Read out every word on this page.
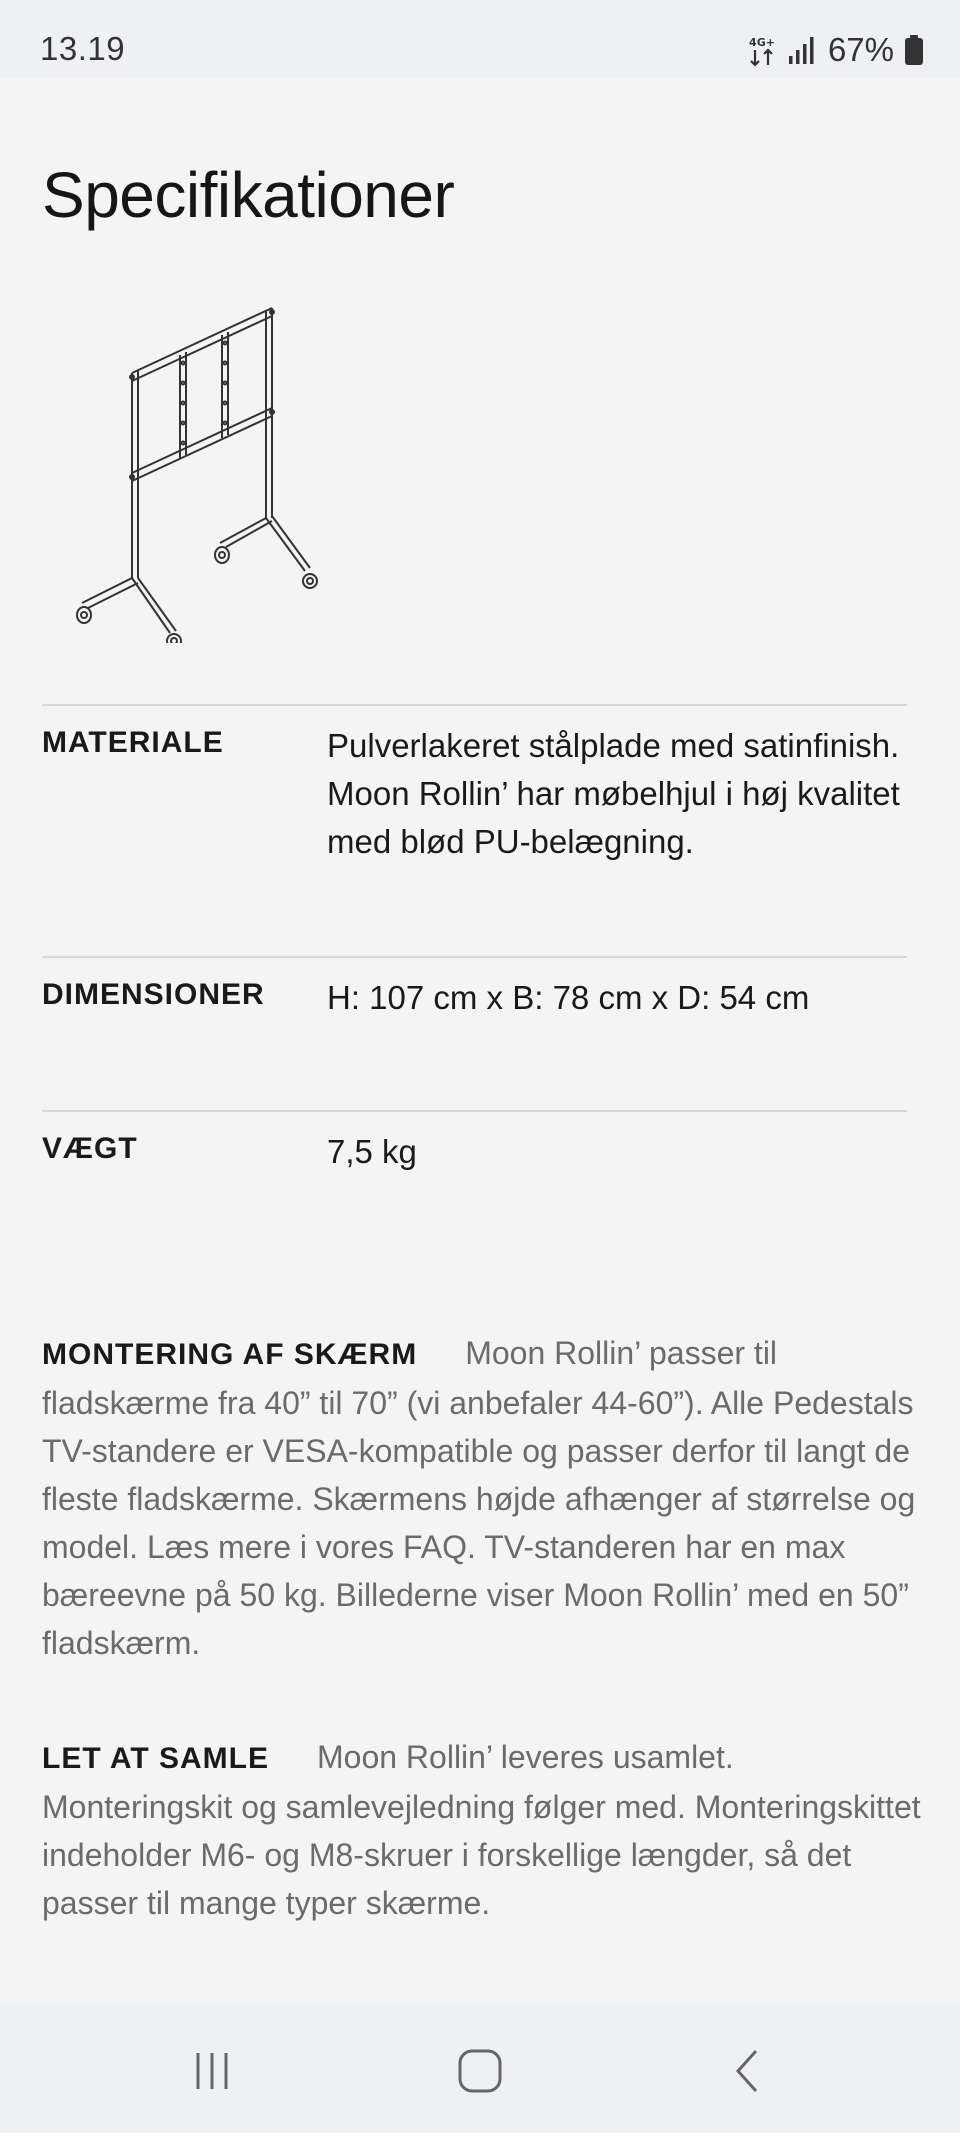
13.19	4G+ 67%
Specifikationer
MATERIALE	Pulverlakeret stålplade med satinfinish. Moon Rollin’ har møbelhjul i høj kvalitet med blød PU-belægning.
DIMENSIONER H: 107 cm x B: 78 cm x D: 54 cm
VÆGT	7,5 kg

MONTERING AF SKÆRM Moon Rollin’ passer til fladskærme fra 40” til 70” (vi anbefaler 44-60”). Alle Pedestals TV-standere er VESA-kompatible og passer derfor til langt de fleste fladskærme. Skærmens højde afhænger af størrelse og model. Læs mere i vores FAQ. TV-standeren har en max bæreevne på 50 kg. Billederne viser Moon Rollin’ med en 50” fladskærm.

LET AT SAMLE Moon Rollin’ leveres usamlet. Monteringskit og samlevejledning følger med. Monteringskittet indeholder M6- og M8-skruer i forskellige længder, så det passer til mange typer skærme.
